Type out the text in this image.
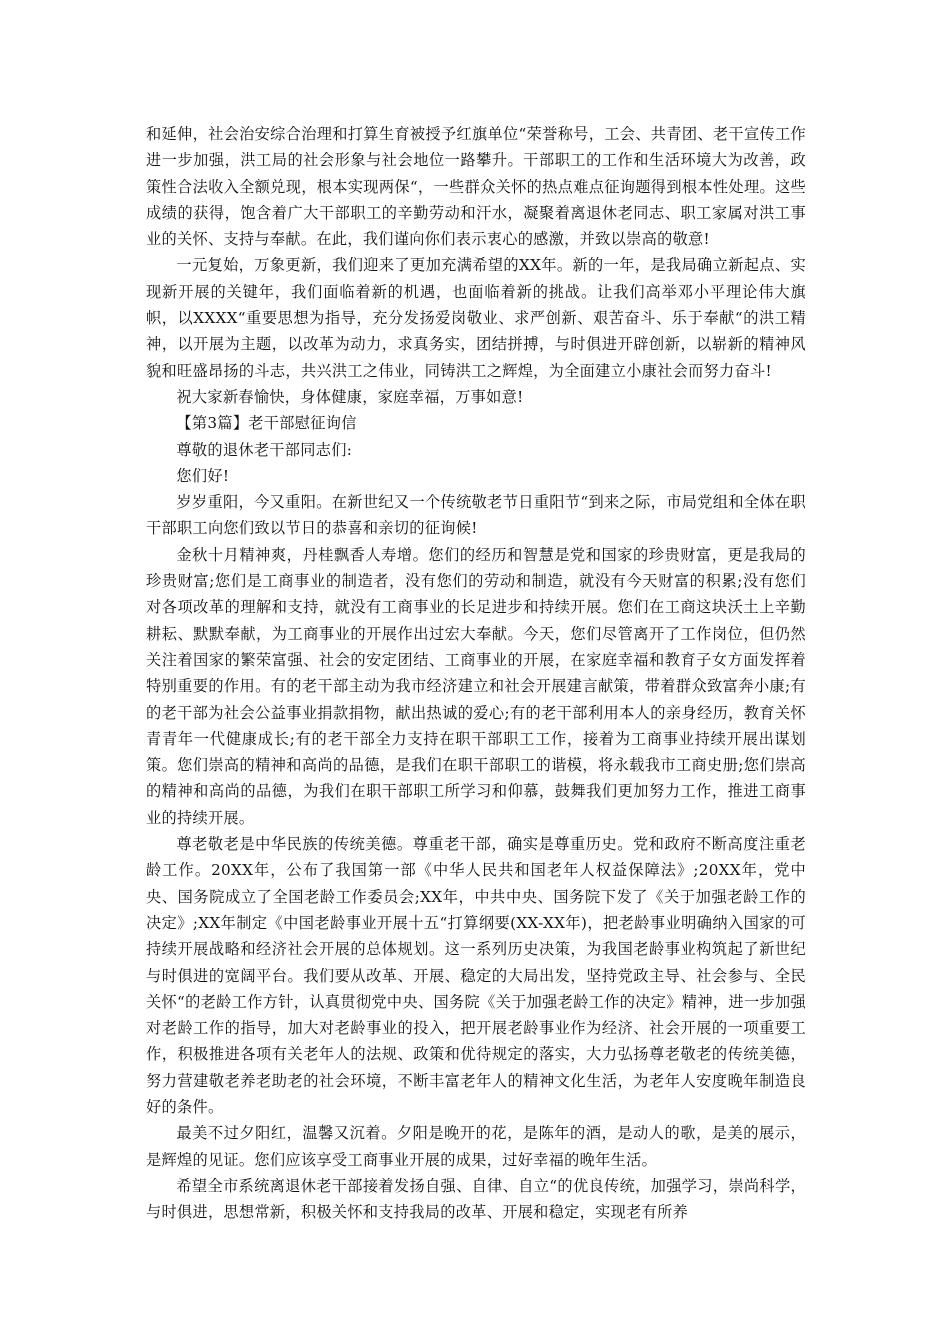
和延伸，社会治安综合治理和打算生育被授予红旗单位“荣誉称号，工会、共青团、老干宣传工作进一步加强，洪工局的社会形象与社会地位一路攀升。干部职工的工作和生活环境大为改善，政策性合法收入全额兑现，根本实现两保“，一些群众关怀的热点难点征询题得到根本性处理。这些成绩的获得，饱含着广大干部职工的辛勤劳动和汗水，凝聚着离退休老同志、职工家属对洪工事业的关怀、支持与奉献。在此，我们谨向你们表示衷心的感激，并致以崇高的敬意!

一元复始，万象更新，我们迎来了更加充满希望的XX年。新的一年，是我局确立新起点、实现新开展的关键年，我们面临着新的机遇，也面临着新的挑战。让我们高举邓小平理论伟大旗帜，以XXXX“重要思想为指导，充分发扬爱岗敬业、求严创新、艰苦奋斗、乐于奉献“的洪工精神，以开展为主题，以改革为动力，求真务实，团结拼搏，与时俱进开辟创新，以崭新的精神风貌和旺盛昂扬的斗志，共兴洪工之伟业，同铸洪工之辉煌，为全面建立小康社会而努力奋斗!

祝大家新春愉快，身体健康，家庭幸福，万事如意!

【第3篇】老干部慰征询信

尊敬的退休老干部同志们:

您们好!

岁岁重阳，今又重阳。在新世纪又一个传统敬老节日重阳节“到来之际，市局党组和全体在职干部职工向您们致以节日的恭喜和亲切的征询候!

金秋十月精神爽，丹桂飘香人寿增。您们的经历和智慧是党和国家的珍贵财富，更是我局的珍贵财富;您们是工商事业的制造者，没有您们的劳动和制造，就没有今天财富的积累;没有您们对各项改革的理解和支持，就没有工商事业的长足进步和持续开展。您们在工商这块沃土上辛勤耕耘、默默奉献，为工商事业的开展作出过宏大奉献。今天，您们尽管离开了工作岗位，但仍然关注着国家的繁荣富强、社会的安定团结、工商事业的开展，在家庭幸福和教育子女方面发挥着特别重要的作用。有的老干部主动为我市经济建立和社会开展建言献策，带着群众致富奔小康;有的老干部为社会公益事业捐款捐物，献出热诚的爱心;有的老干部利用本人的亲身经历，教育关怀青青年一代健康成长;有的老干部全力支持在职干部职工工作，接着为工商事业持续开展出谋划策。您们崇高的精神和高尚的品德，是我们在职干部职工的谐模，将永载我市工商史册;您们崇高的精神和高尚的品德，为我们在职干部职工所学习和仰慕，鼓舞我们更加努力工作，推进工商事业的持续开展。

尊老敬老是中华民族的传统美德。尊重老干部，确实是尊重历史。党和政府不断高度注重老龄工作。20XX年，公布了我国第一部《中华人民共和国老年人权益保障法》;20XX年，党中央、国务院成立了全国老龄工作委员会;XX年，中共中央、国务院下发了《关于加强老龄工作的决定》;XX年制定《中国老龄事业开展十五“打算纲要(XX-XX年)，把老龄事业明确纳入国家的可持续开展战略和经济社会开展的总体规划。这一系列历史决策，为我国老龄事业构筑起了新世纪与时俱进的宽阔平台。我们要从改革、开展、稳定的大局出发，坚持党政主导、社会参与、全民关怀“的老龄工作方针，认真贯彻党中央、国务院《关于加强老龄工作的决定》精神，进一步加强对老龄工作的指导，加大对老龄事业的投入，把开展老龄事业作为经济、社会开展的一项重要工作，积极推进各项有关老年人的法规、政策和优待规定的落实，大力弘扬尊老敬老的传统美德，努力营建敬老养老助老的社会环境，不断丰富老年人的精神文化生活，为老年人安度晚年制造良好的条件。

最美不过夕阳红，温馨又沉着。夕阳是晚开的花，是陈年的酒，是动人的歌，是美的展示，是辉煌的见证。您们应该享受工商事业开展的成果，过好幸福的晚年生活。

希望全市系统离退休老干部接着发扬自强、自律、自立“的优良传统，加强学习，崇尚科学，与时俱进，思想常新，积极关怀和支持我局的改革、开展和稳定，实现老有所养
